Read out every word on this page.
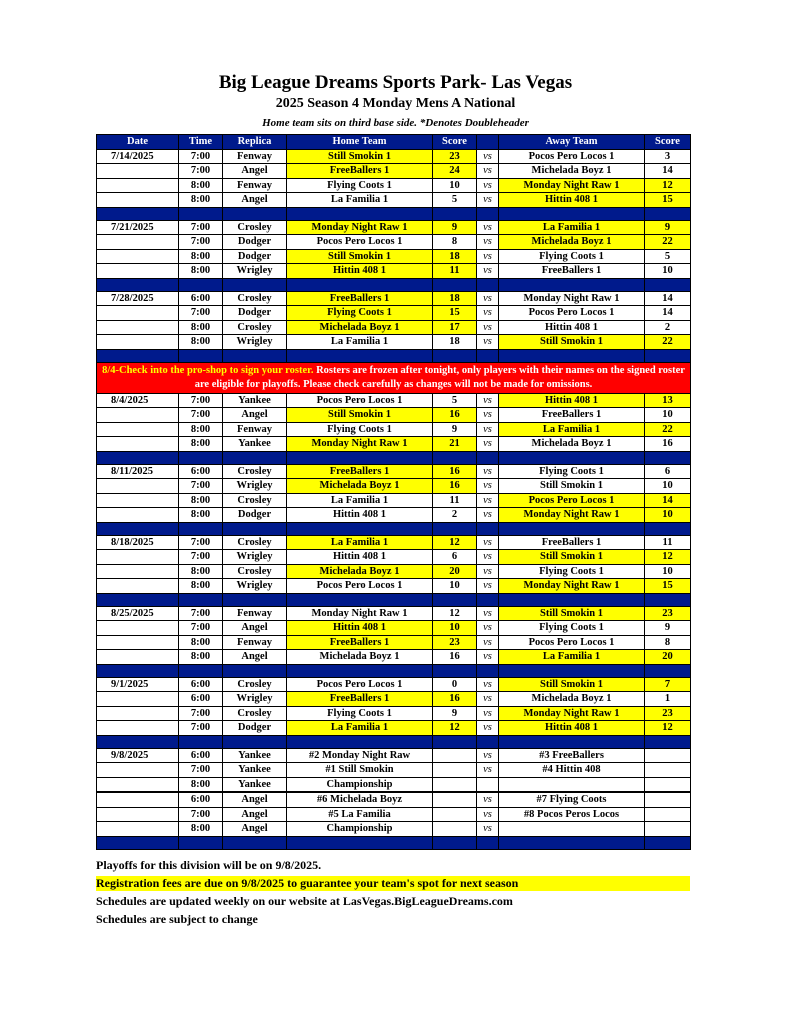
Big League Dreams Sports Park- Las Vegas
2025 Season 4 Monday Mens A National
Home team sits on third base side. *Denotes Doubleheader
Date	Time	Replica	Home Team	Score		Away Team	Score
7/14/2025	7:00	Fenway	Still Smokin 1	23	vs	Pocos Pero Locos 1	3
	7:00	Angel	FreeBallers 1	24	vs	Michelada Boyz 1	14
	8:00	Fenway	Flying Coots 1	10	vs	Monday Night Raw 1	12
	8:00	Angel	La Familia 1	5	vs	Hittin 408 1	15

7/21/2025	7:00	Crosley	Monday Night Raw 1	9	vs	La Familia 1	9
	7:00	Dodger	Pocos Pero Locos 1	8	vs	Michelada Boyz 1	22
	8:00	Dodger	Still Smokin 1	18	vs	Flying Coots 1	5
	8:00	Wrigley	Hittin 408 1	11	vs	FreeBallers 1	10

7/28/2025	6:00	Crosley	FreeBallers 1	18	vs	Monday Night Raw 1	14
	7:00	Dodger	Flying Coots 1	15	vs	Pocos Pero Locos 1	14
	8:00	Crosley	Michelada Boyz 1	17	vs	Hittin 408 1	2
	8:00	Wrigley	La Familia 1	18	vs	Still Smokin 1	22

8/4-Check into the pro-shop to sign your roster. Rosters are frozen after tonight, only players with their names on the signed roster are eligible for playoffs. Please check carefully as changes will not be made for omissions.							
8/4/2025	7:00	Yankee	Pocos Pero Locos 1	5	vs	Hittin 408 1	13
	7:00	Angel	Still Smokin 1	16	vs	FreeBallers 1	10
	8:00	Fenway	Flying Coots 1	9	vs	La Familia 1	22
	8:00	Yankee	Monday Night Raw 1	21	vs	Michelada Boyz 1	16

8/11/2025	6:00	Crosley	FreeBallers 1	16	vs	Flying Coots 1	6
	7:00	Wrigley	Michelada Boyz 1	16	vs	Still Smokin 1	10
	8:00	Crosley	La Familia 1	11	vs	Pocos Pero Locos 1	14
	8:00	Dodger	Hittin 408 1	2	vs	Monday Night Raw 1	10

8/18/2025	7:00	Crosley	La Familia 1	12	vs	FreeBallers 1	11
	7:00	Wrigley	Hittin 408 1	6	vs	Still Smokin 1	12
	8:00	Crosley	Michelada Boyz 1	20	vs	Flying Coots 1	10
	8:00	Wrigley	Pocos Pero Locos 1	10	vs	Monday Night Raw 1	15

8/25/2025	7:00	Fenway	Monday Night Raw 1	12	vs	Still Smokin 1	23
	7:00	Angel	Hittin 408 1	10	vs	Flying Coots 1	9
	8:00	Fenway	FreeBallers 1	23	vs	Pocos Pero Locos 1	8
	8:00	Angel	Michelada Boyz 1	16	vs	La Familia 1	20

9/1/2025	6:00	Crosley	Pocos Pero Locos 1	0	vs	Still Smokin 1	7
	6:00	Wrigley	FreeBallers 1	16	vs	Michelada Boyz 1	1
	7:00	Crosley	Flying Coots 1	9	vs	Monday Night Raw 1	23
	7:00	Dodger	La Familia 1	12	vs	Hittin 408 1	12

9/8/2025	6:00	Yankee	#2 Monday Night Raw		vs	#3 FreeBallers	
	7:00	Yankee	#1 Still Smokin		vs	#4 Hittin 408	
	8:00	Yankee	Championship				
	6:00	Angel	#6 Michelada Boyz		vs	#7 Flying Coots	
	7:00	Angel	#5 La Familia		vs	#8 Pocos Peros Locos	
	8:00	Angel	Championship		vs		

Playoffs for this division will be on 9/8/2025.
Registration fees are due on 9/8/2025 to guarantee your team's spot for next season
Schedules are updated weekly on our website at LasVegas.BigLeagueDreams.com
Schedules are subject to change
